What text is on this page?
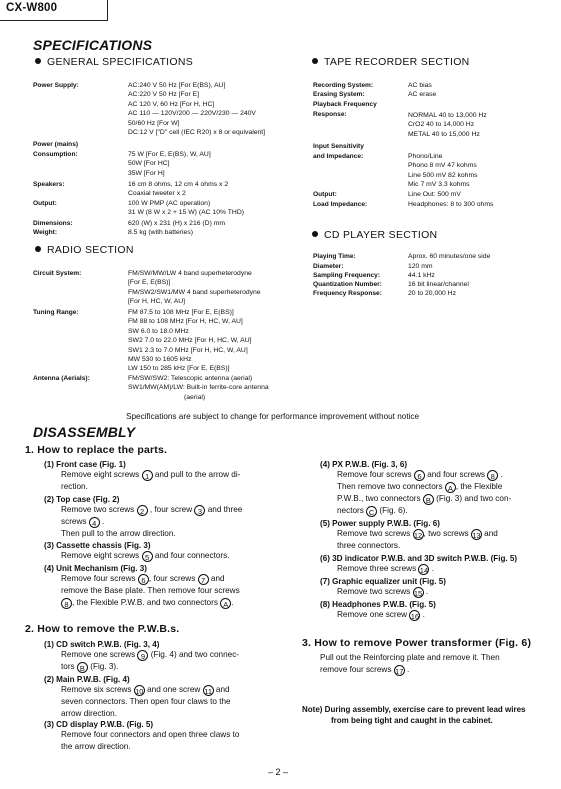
CX-W800
SPECIFICATIONS
GENERAL SPECIFICATIONS
Power Supply:	AC:240 V 50 Hz [For E(BS), AU]
AC:220 V 50 Hz [For E]
AC 120 V, 60 Hz [For H, HC]
AC 110 — 120V/200 — 220V/230 — 240V
50/60 Hz [For W]
DC:12 V ["D" cell (IEC R20) x 8 or equivalent]
Power (mains)
Consumption:	75 W [For E, E(BS), W, AU]
50W [For HC]
35W [For H]
Speakers:	16 cm 8 ohms, 12 cm 4 ohms x 2
Coaxial tweeter x 2
Output:	100 W PMP (AC operation)
31 W (8 W x 2 + 15 W) (AC 10% THD)
Dimensions:	620 (W) x 231 (H) x 216 (D) mm
Weight:	8.5 kg (with batteries)
RADIO SECTION
Circuit System:	FM/SW/MW/LW 4 band superheterodyne
[For E, E(BS)]
FM/SW2/SW1/MW 4 band superheterodyne
[For H, HC, W, AU]
Tuning Range:	FM 87.5 to 108 MHz [For E, E(BS)]
FM 88 to 108 MHz [For H, HC, W, AU]
SW 6.0 to 18.0 MHz
SW2 7.0 to 22.0 MHz [For H, HC, W, AU]
SW1 2.3 to 7.0 MHz [For H, HC, W, AU]
MW 530 to 1605 kHz
LW 150 to 285 kHz [For E, E(BS)]
Antenna (Aerials):	FM/SW/SW2: Telescopic antenna (aerial)
SW1/MW(AM)/LW: Built-in ferrite-core antenna
(aerial)
TAPE RECORDER SECTION
Recording System:	AC bias
Erasing System:	AC erase
Playback Frequency
Response:	NORMAL 40 to 13,000 Hz
CrO2 40 to 14,000 Hz
METAL 40 to 15,000 Hz
Input Sensitivity
and Impedance:	Phono/Line
Phono 8 mV 47 kohms
Line 500 mV 82 kohms
Mic 7 mV 3.3 kohms
Output:	Line Out: 500 mV
Load Impedance:	Headphones: 8 to 300 ohms
CD PLAYER SECTION
Playing Time:	Aprox. 60 minutes/one side
Diameter:	120 mm
Sampling Frequency:	44.1 kHz
Quantization Number:	16 bit linear/channel
Frequency Response:	20 to 20,000 Hz
Specifications are subject to change for performance improvement without notice
DISASSEMBLY
1. How to replace the parts.
(1) Front case (Fig. 1)
Remove eight screws 1 and pull to the arrow di-
rection.
(2) Top case (Fig. 2)
Remove two screws 2 , four screw 3 and three
screws 4 .
Then pull to the arrow direction.
(3) Cassette chassis (Fig. 3)
Remove eight screws 5 and four connectors.
(4) Unit Mechanism (Fig. 3)
Remove four screws 6 , four screws 7 and
remove the Base plate. Then remove four screws
8 , the Flexible P.W.B. and two connectors A .
2. How to remove the P.W.B.s.
(1) CD switch P.W.B. (Fig. 3, 4)
Remove one screws 9 (Fig. 4) and two connec-
tors B (Fig. 3).
(2) Main P.W.B. (Fig. 4)
Remove six screws 10 and one screw 11 and
seven connectors. Then open four claws to the
arrow direction.
(3) CD display P.W.B. (Fig. 5)
Remove four connectors and open three claws to
the arrow direction.
(4) PX P.W.B. (Fig. 3, 6)
Remove four screws 6 and four screws 8 .
Then remove two connectors A , the Flexible
P.W.B., two connectors B (Fig. 3) and two con-
nectors C (Fig. 6).
(5) Power supply P.W.B. (Fig. 6)
Remove two screws 12, two screws 13 and
three connectors.
(6) 3D indicator P.W.B. and 3D switch P.W.B. (Fig. 5)
Remove three screws 14 .
(7) Graphic equalizer unit (Fig. 5)
Remove two screws 15 .
(8) Headphones P.W.B. (Fig. 5)
Remove one screw 16 .
3. How to remove Power transformer (Fig. 6)
Pull out the Reinforcing plate and remove it. Then
remove four screws 17 .
Note) During assembly, exercise care to prevent lead wires
from being tight and caught in the cabinet.
– 2 –
